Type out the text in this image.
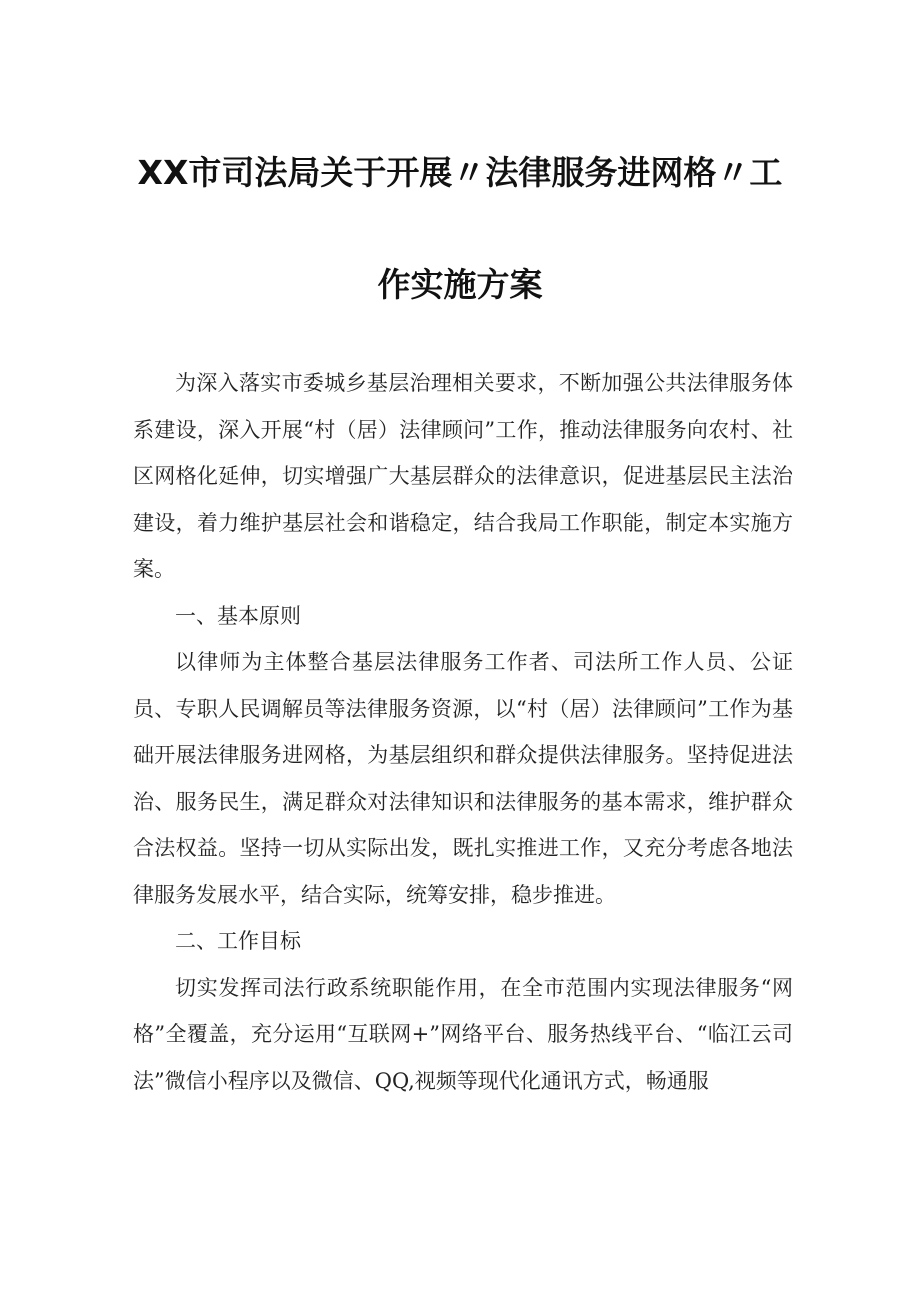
XX市司法局关于开展〃法律服务进网格〃工
作实施方案

为深入落实市委城乡基层治理相关要求，不断加强公共法律服务体系建设，深入开展“村（居）法律顾问”工作，推动法律服务向农村、社区网格化延伸，切实增强广大基层群众的法律意识，促进基层民主法治建设，着力维护基层社会和谐稳定，结合我局工作职能，制定本实施方案。

一、基本原则

以律师为主体整合基层法律服务工作者、司法所工作人员、公证员、专职人民调解员等法律服务资源，以“村（居）法律顾问”工作为基础开展法律服务进网格，为基层组织和群众提供法律服务。坚持促进法治、服务民生，满足群众对法律知识和法律服务的基本需求，维护群众合法权益。坚持一切从实际出发，既扎实推进工作，又充分考虑各地法律服务发展水平，结合实际，统筹安排，稳步推进。

二、工作目标

切实发挥司法行政系统职能作用，在全市范围内实现法律服务“网格”全覆盖，充分运用“互联网+”网络平台、服务热线平台、“临江云司法”微信小程序以及微信、QQ,视频等现代化通讯方式，畅通服
